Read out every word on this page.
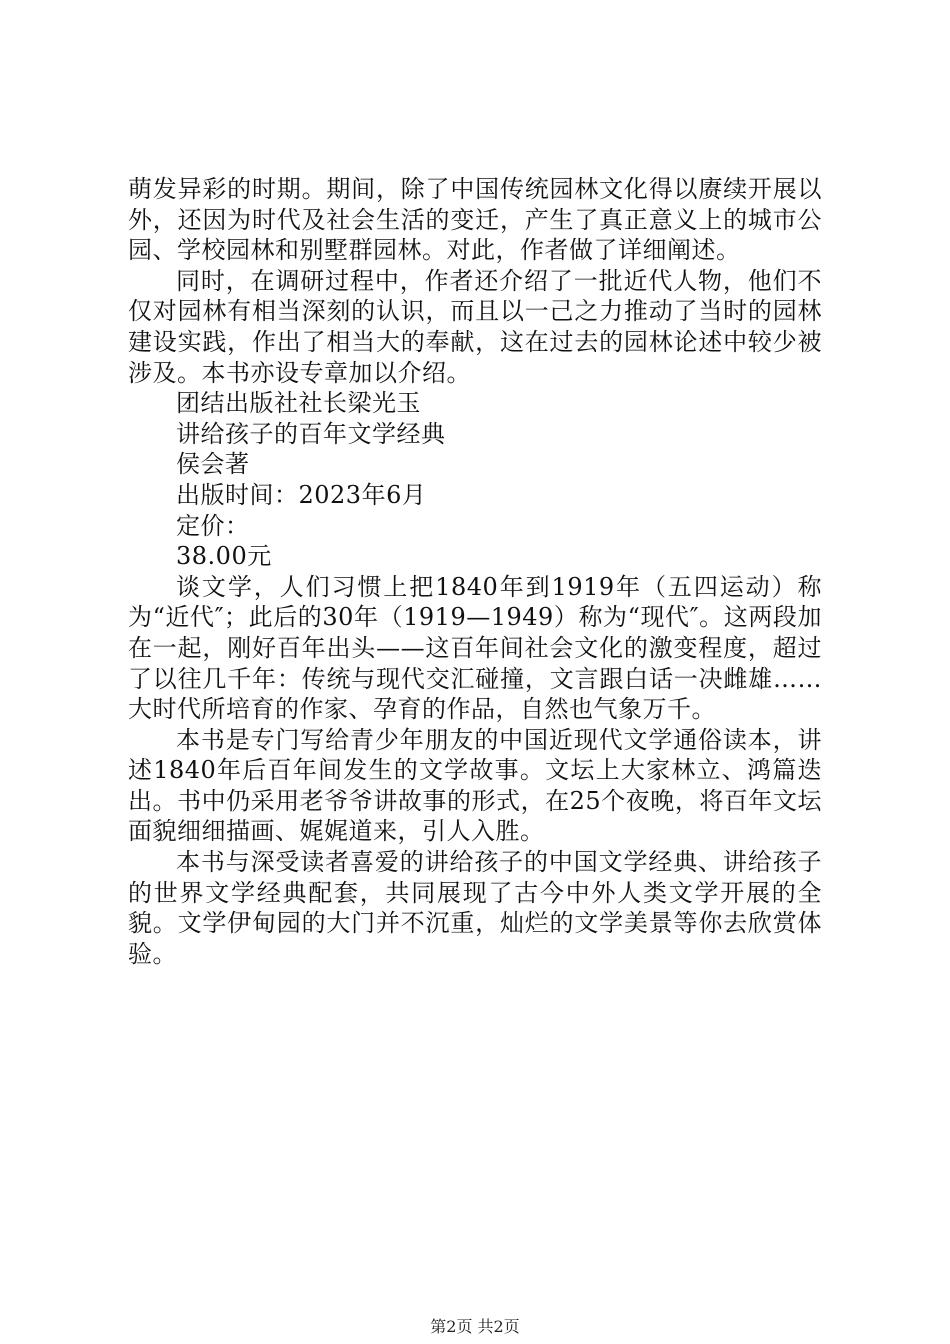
萌发异彩的时期。期间，除了中国传统园林文化得以赓续开展以外，还因为时代及社会生活的变迁，产生了真正意义上的城市公园、学校园林和别墅群园林。对此，作者做了详细阐述。

同时，在调研过程中，作者还介绍了一批近代人物，他们不仅对园林有相当深刻的认识，而且以一己之力推动了当时的园林建设实践，作出了相当大的奉献，这在过去的园林论述中较少被涉及。本书亦设专章加以介绍。

团结出版社社长梁光玉

讲给孩子的百年文学经典

侯会著

出版时间：2023年6月

定价：

38.00元

谈文学，人们习惯上把1840年到1919年（五四运动）称为“近代″；此后的30年（1919—1949）称为“现代″。这两段加在一起，刚好百年出头——这百年间社会文化的激变程度，超过了以往几千年：传统与现代交汇碰撞，文言跟白话一决雌雄……大时代所培育的作家、孕育的作品，自然也气象万千。

本书是专门写给青少年朋友的中国近现代文学通俗读本，讲述1840年后百年间发生的文学故事。文坛上大家林立、鸿篇迭出。书中仍采用老爷爷讲故事的形式，在25个夜晚，将百年文坛面貌细细描画、娓娓道来，引人入胜。

本书与深受读者喜爱的讲给孩子的中国文学经典、讲给孩子的世界文学经典配套，共同展现了古今中外人类文学开展的全貌。文学伊甸园的大门并不沉重，灿烂的文学美景等你去欣赏体验。

第2页 共2页
